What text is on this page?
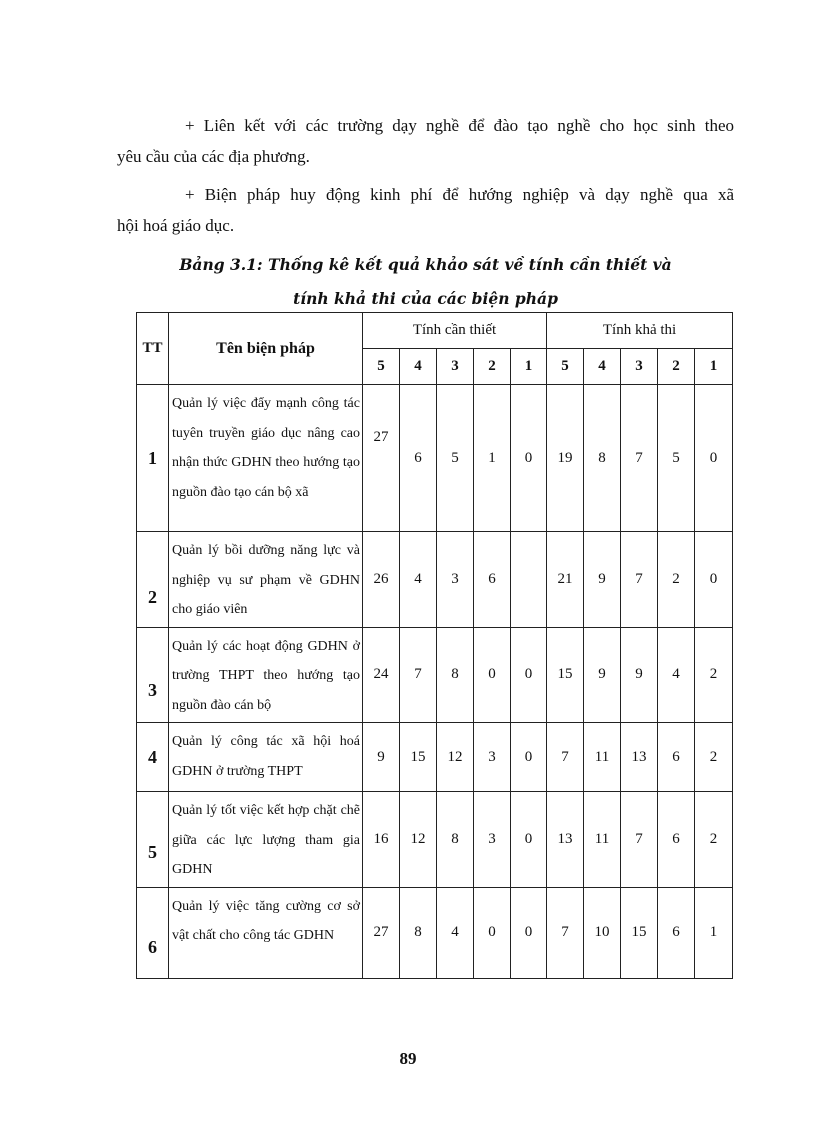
+ Liên kết với các trường dạy nghề để đào tạo nghề cho học sinh theo
yêu cầu của các địa phương.

+ Biện pháp huy động kinh phí để hướng nghiệp và dạy nghề qua xã
hội hoá giáo dục.

Bảng 3.1: Thống kê kết quả khảo sát về tính cần thiết và

tính khả thi của các biện pháp

TT	Tên biện pháp	Tính cần thiết					Tính khả thi				
		5	4	3	2	1	5	4	3	2	1
1	Quản lý việc đẩy mạnh công tác tuyên truyền giáo dục nâng cao nhận thức GDHN theo hướng tạo nguồn đào tạo cán bộ xã	27	6	5	1	0	19	8	7	5	0
2	Quản lý bồi dưỡng năng lực và nghiệp vụ sư phạm về GDHN cho giáo viên	26	4	3	6		21	9	7	2	0
3	Quản lý các hoạt động GDHN ở trường THPT theo hướng tạo nguồn đào cán bộ	24	7	8	0	0	15	9	9	4	2
4	Quản lý công tác xã hội hoá GDHN ở trường THPT	9	15	12	3	0	7	11	13	6	2
5	Quản lý tốt việc kết hợp chặt chẽ giữa các lực lượng tham gia GDHN	16	12	8	3	0	13	11	7	6	2
6	Quản lý việc tăng cường cơ sở vật chất cho công tác GDHN	27	8	4	0	0	7	10	15	6	1
89
